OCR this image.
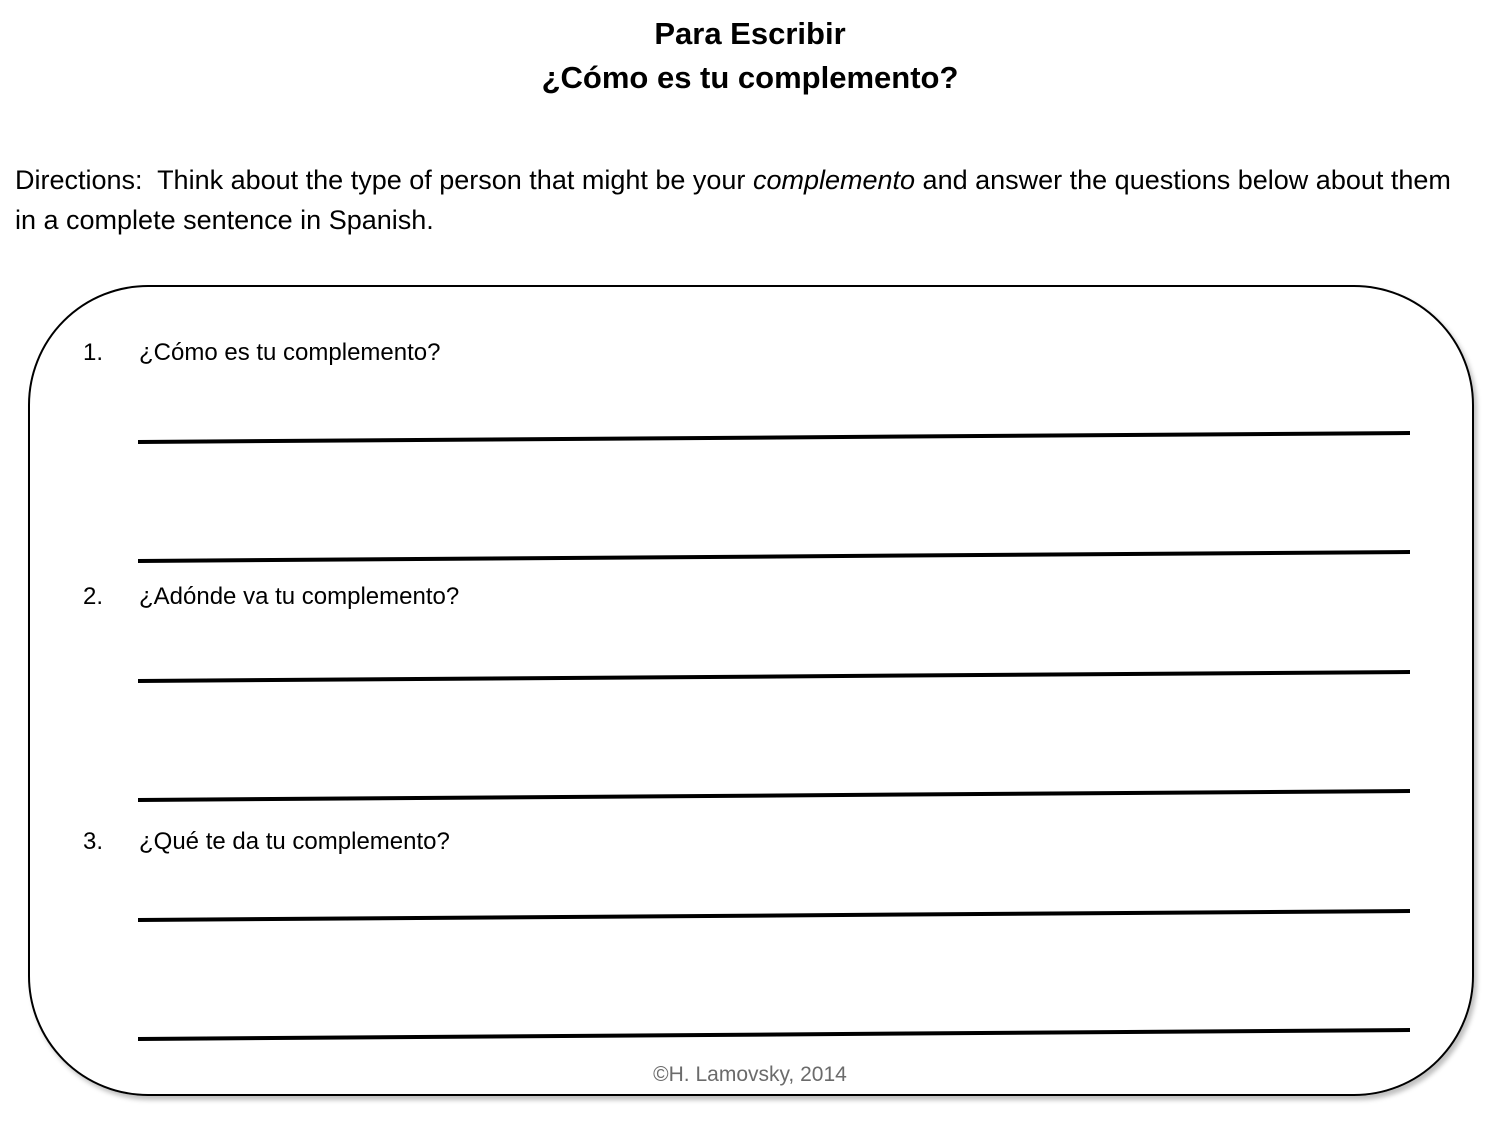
Para Escribir
¿Cómo es tu complemento?
Directions: Think about the type of person that might be your complemento and answer the questions below about them in a complete sentence in Spanish.
1. ¿Cómo es tu complemento?
2. ¿Adónde va tu complemento?
3. ¿Qué te da tu complemento?
©H. Lamovsky, 2014
